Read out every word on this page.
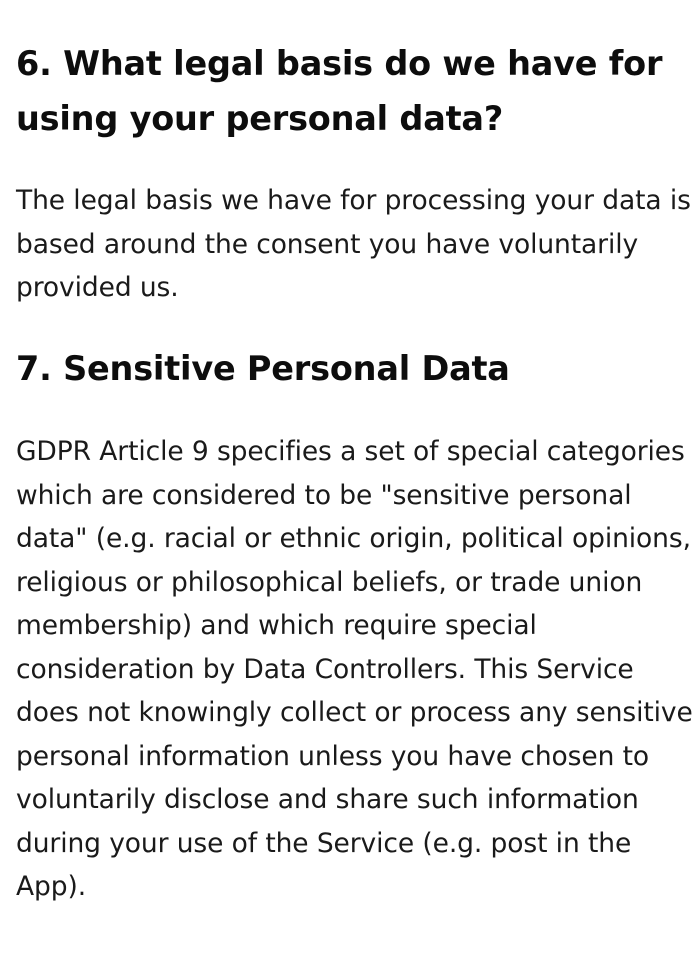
6. What legal basis do we have for using your personal data?

The legal basis we have for processing your data is based around the consent you have voluntarily provided us.

7. Sensitive Personal Data

GDPR Article 9 specifies a set of special categories which are considered to be "sensitive personal data" (e.g. racial or ethnic origin, political opinions, religious or philosophical beliefs, or trade union membership) and which require special consideration by Data Controllers. This Service does not knowingly collect or process any sensitive personal information unless you have chosen to voluntarily disclose and share such information during your use of the Service (e.g. post in the App).
